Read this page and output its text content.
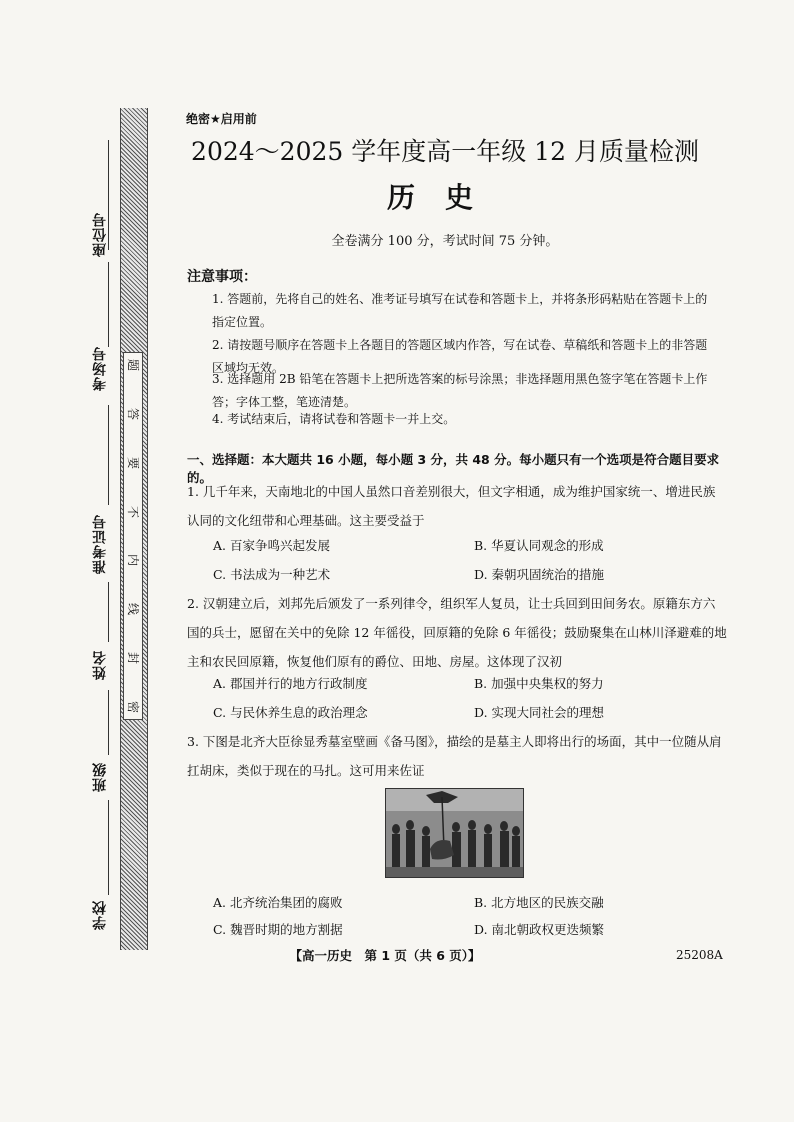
座位号
考场号
准考证号
姓名
班级
学校
题
答
要
不
内
线
封
密
绝密★启用前
2024～2025 学年度高一年级 12 月质量检测
历史
全卷满分 100 分，考试时间 75 分钟。
注意事项：
1. 答题前，先将自己的姓名、准考证号填写在试卷和答题卡上，并将条形码粘贴在答题卡上的指定位置。
2. 请按题号顺序在答题卡上各题目的答题区域内作答，写在试卷、草稿纸和答题卡上的非答题区域均无效。
3. 选择题用 2B 铅笔在答题卡上把所选答案的标号涂黑；非选择题用黑色签字笔在答题卡上作答；字体工整，笔迹清楚。
4. 考试结束后，请将试卷和答题卡一并上交。
一、选择题：本大题共 16 小题，每小题 3 分，共 48 分。每小题只有一个选项是符合题目要求的。
1. 几千年来，天南地北的中国人虽然口音差别很大，但文字相通，成为维护国家统一、增进民族认同的文化纽带和心理基础。这主要受益于
A. 百家争鸣兴起发展	B. 华夏认同观念的形成
C. 书法成为一种艺术	D. 秦朝巩固统治的措施
2. 汉朝建立后，刘邦先后颁发了一系列律令，组织军人复员，让士兵回到田间务农。原籍东方六国的兵士，愿留在关中的免除 12 年徭役，回原籍的免除 6 年徭役；鼓励聚集在山林川泽避难的地主和农民回原籍，恢复他们原有的爵位、田地、房屋。这体现了汉初
A. 郡国并行的地方行政制度	B. 加强中央集权的努力
C. 与民休养生息的政治理念	D. 实现大同社会的理想
3. 下图是北齐大臣徐显秀墓室壁画《备马图》，描绘的是墓主人即将出行的场面，其中一位随从肩扛胡床，类似于现在的马扎。这可用来佐证
A. 北齐统治集团的腐败	B. 北方地区的民族交融
C. 魏晋时期的地方割据	D. 南北朝政权更迭频繁
【高一历史　第 1 页（共 6 页）】	25208A
